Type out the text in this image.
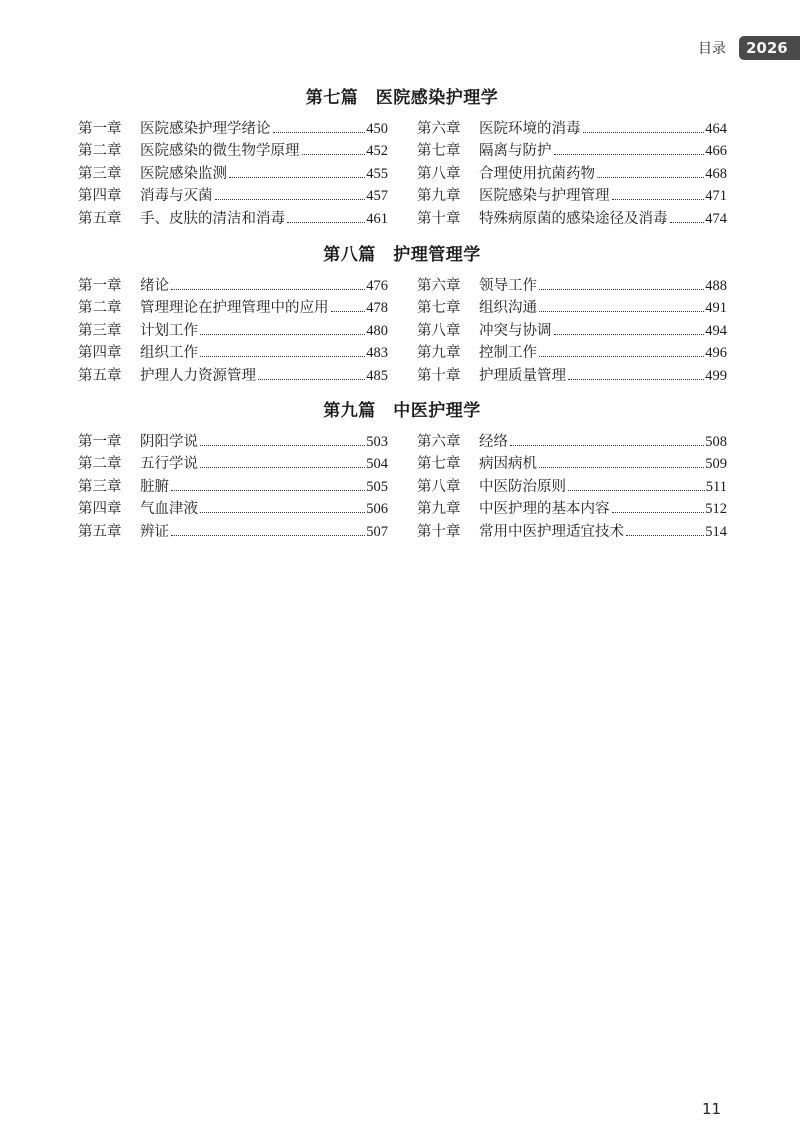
目录	2026
第七篇　医院感染护理学
第一章	医院感染护理学绪论	450
第二章	医院感染的微生物学原理	452
第三章	医院感染监测	455
第四章	消毒与灭菌	457
第五章	手、皮肤的清洁和消毒	461
第六章	医院环境的消毒	464
第七章	隔离与防护	466
第八章	合理使用抗菌药物	468
第九章	医院感染与护理管理	471
第十章	特殊病原菌的感染途径及消毒	474
第八篇　护理管理学
第一章	绪论	476
第二章	管理理论在护理管理中的应用	478
第三章	计划工作	480
第四章	组织工作	483
第五章	护理人力资源管理	485
第六章	领导工作	488
第七章	组织沟通	491
第八章	冲突与协调	494
第九章	控制工作	496
第十章	护理质量管理	499
第九篇　中医护理学
第一章	阴阳学说	503
第二章	五行学说	504
第三章	脏腑	505
第四章	气血津液	506
第五章	辨证	507
第六章	经络	508
第七章	病因病机	509
第八章	中医防治原则	511
第九章	中医护理的基本内容	512
第十章	常用中医护理适宜技术	514
11
